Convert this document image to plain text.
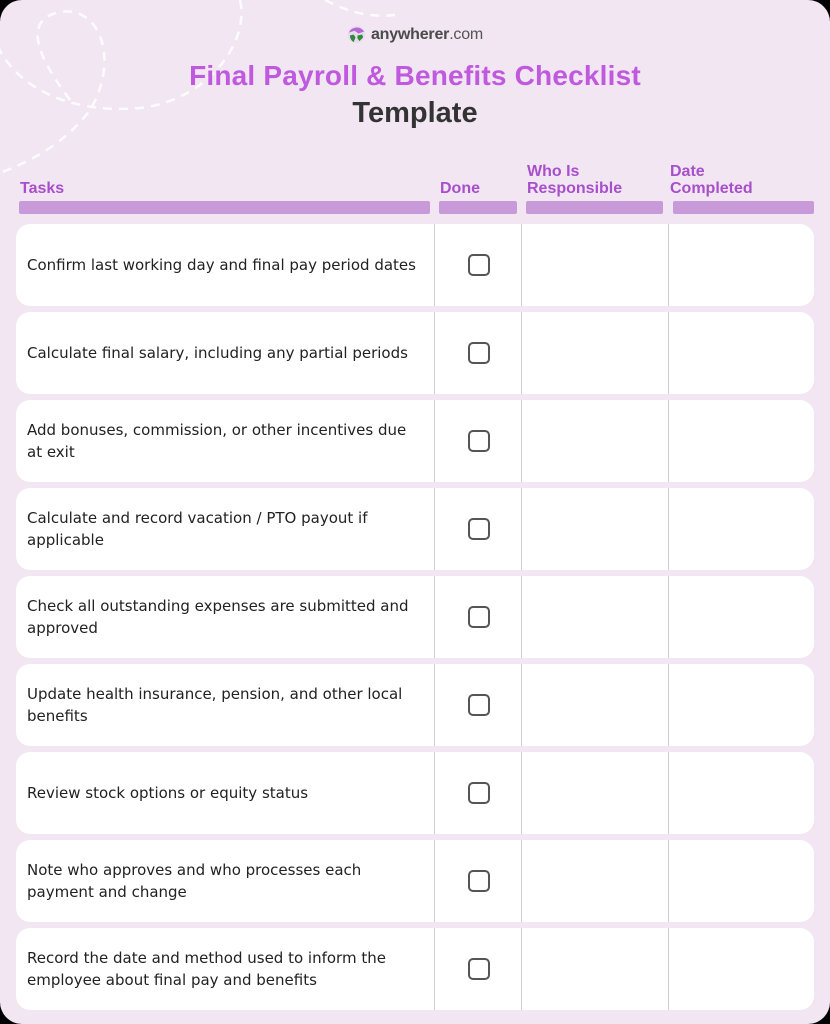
anywherer.com
Final Payroll & Benefits Checklist
Template
Tasks	Done
Who Is
Responsible
Date
Completed
Confirm last working day and final pay period dates
Calculate final salary, including any partial periods
Add bonuses, commission, or other incentives due at exit
Calculate and record vacation / PTO payout if applicable
Check all outstanding expenses are submitted and approved
Update health insurance, pension, and other local benefits
Review stock options or equity status
Note who approves and who processes each payment and change
Record the date and method used to inform the employee about final pay and benefits
